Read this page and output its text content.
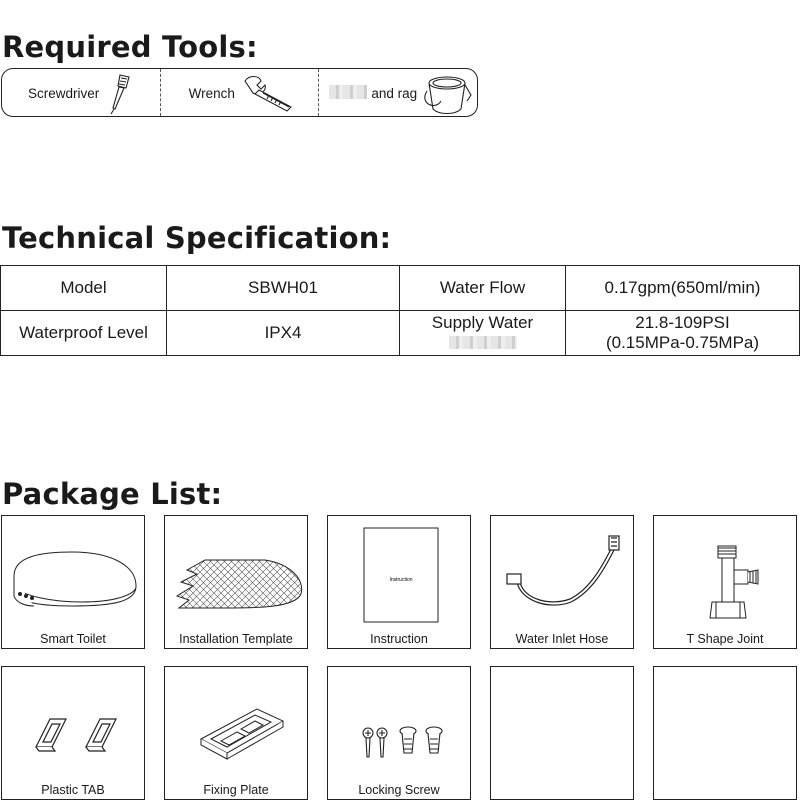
Required Tools:
Screwdriver	Wrench	and rag
Technical Specification:
Model	SBWH01	Water Flow	0.17gpm(650ml/min)
Waterproof Level	IPX4	Supply Water	21.8-109PSI
(0.15MPa-0.75MPa)
Package List:
Smart Toilet	Installation Template
Instruction
Instruction	Water Inlet Hose	T Shape Joint
Plastic TAB	Fixing Plate	Locking Screw
